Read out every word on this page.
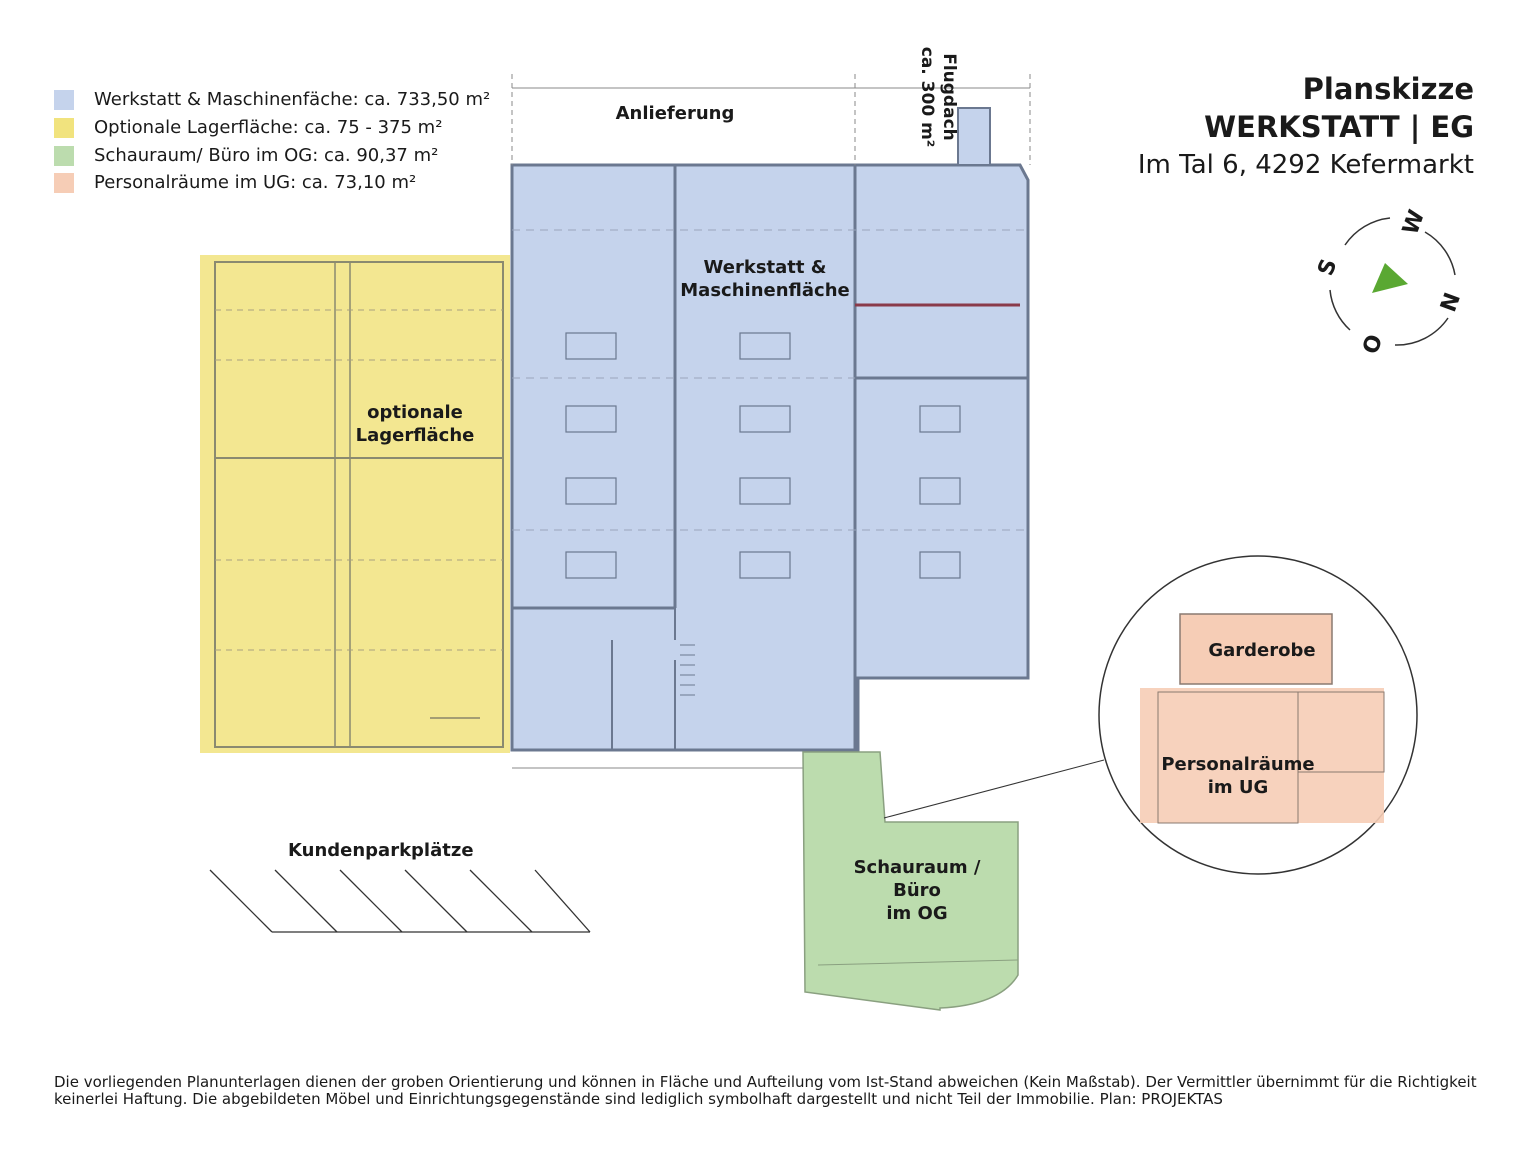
Werkstatt & Maschinenfäche: ca. 733,50 m²
Optionale Lagerfläche: ca. 75 - 375 m²
Schauraum/ Büro im OG: ca. 90,37 m²
Personalräume im UG: ca. 73,10 m²
Planskizze
WERKSTATT | EG
Im Tal 6, 4292 Kefermarkt
W
S
N
O
Anlieferung	Flugdach
ca. 300 m²
Werkstatt &
Maschinenfläche
optionale
Lagerfläche
Schauraum / Büro
im OG
Garderobe
Personalräume
im UG
Kundenparkplätze
Die vorliegenden Planunterlagen dienen der groben Orientierung und können in Fläche und Aufteilung vom Ist-Stand abweichen (Kein Maßstab). Der Vermittler übernimmt für die Richtigkeit keinerlei Haftung. Die abgebildeten Möbel und Einrichtungsgegenstände sind lediglich symbolhaft dargestellt und nicht Teil der Immobilie. Plan: PROJEKTAS
